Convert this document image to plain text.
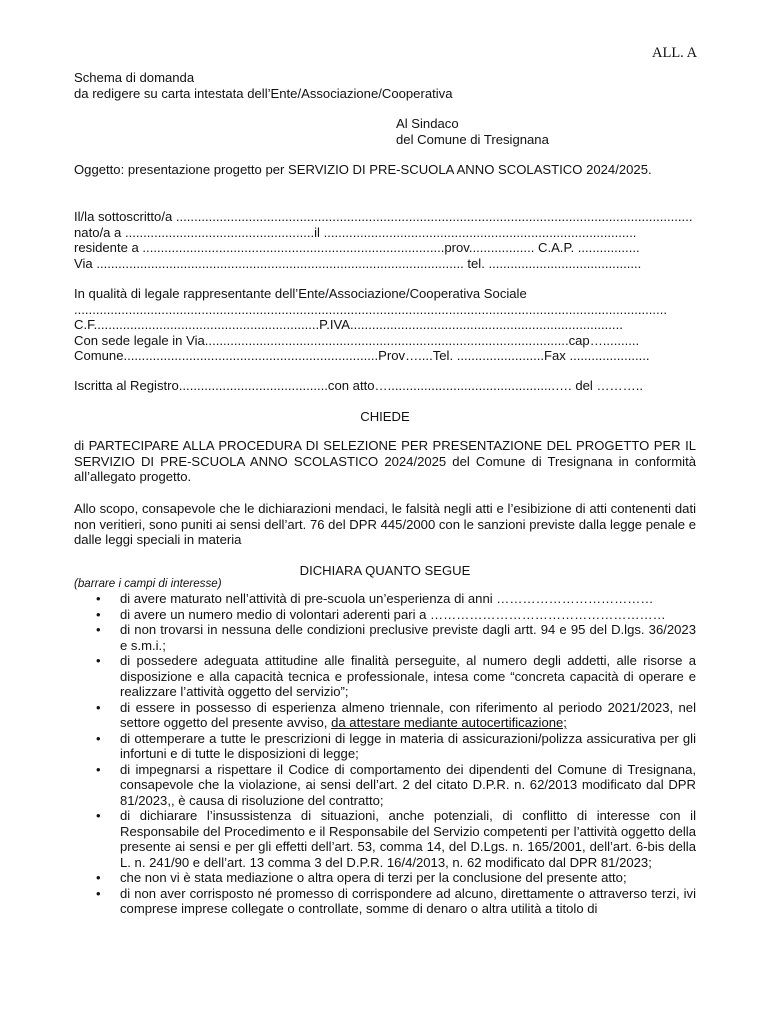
ALL. A
Schema di domanda
da redigere su carta intestata dell’Ente/Associazione/Cooperativa
Al Sindaco
del Comune di Tresignana
Oggetto: presentazione progetto per SERVIZIO DI PRE-SCUOLA ANNO SCOLASTICO 2024/2025.
Il/la sottoscritto/a ..............................................................................................................................................
nato/a a ....................................................il ......................................................................................
residente a ...................................................................................prov.................. C.A.P. .................
Via ..................................................................................................... tel. ..........................................
In qualità di legale rappresentante dell’Ente/Associazione/Cooperativa Sociale
...................................................................................................................................................................
C.F..............................................................P.IVA...........................................................................
Con sede legale in Via....................................................................................................cap…..........
Comune......................................................................Prov…....Tel. ........................Fax ......................
Iscritta al Registro.........................................con atto…..............................................…. del ………..
CHIEDE
di PARTECIPARE ALLA PROCEDURA DI SELEZIONE PER PRESENTAZIONE DEL PROGETTO PER IL SERVIZIO DI PRE-SCUOLA ANNO SCOLASTICO 2024/2025 del Comune di Tresignana in conformità all’allegato progetto.
Allo scopo, consapevole che le dichiarazioni mendaci, le falsità negli atti e l’esibizione di atti contenenti dati non veritieri, sono puniti ai sensi dell’art. 76 del DPR 445/2000 con le sanzioni previste dalla legge penale e dalle leggi speciali in materia
DICHIARA QUANTO SEGUE
(barrare i campi di interesse)
•	di avere maturato nell’attività di pre-scuola un’esperienza di anni ………………………………
•	di avere un numero medio di volontari aderenti pari a ………………………………………………
•	di non trovarsi in nessuna delle condizioni preclusive previste dagli artt. 94 e 95 del D.lgs. 36/2023 e s.m.i.;
•	di possedere adeguata attitudine alle finalità perseguite, al numero degli addetti, alle risorse a disposizione e alla capacità tecnica e professionale, intesa come “concreta capacità di operare e realizzare l’attività oggetto del servizio”;
•	di essere in possesso di esperienza almeno triennale, con riferimento al periodo 2021/2023, nel settore oggetto del presente avviso, da attestare mediante autocertificazione;
•	di ottemperare a tutte le prescrizioni di legge in materia di assicurazioni/polizza assicurativa per gli infortuni e di tutte le disposizioni di legge;
•	di impegnarsi a rispettare il Codice di comportamento dei dipendenti del Comune di Tresignana, consapevole che la violazione, ai sensi dell’art. 2 del citato D.P.R. n. 62/2013 modificato dal DPR 81/2023,, è causa di risoluzione del contratto;
•	di dichiarare l’insussistenza di situazioni, anche potenziali, di conflitto di interesse con il Responsabile del Procedimento e il Responsabile del Servizio competenti per l’attività oggetto della presente ai sensi e per gli effetti dell’art. 53, comma 14, del D.Lgs. n. 165/2001, dell’art. 6-bis della L. n. 241/90 e dell’art. 13 comma 3 del D.P.R. 16/4/2013, n. 62 modificato dal DPR 81/2023;
•	che non vi è stata mediazione o altra opera di terzi per la conclusione del presente atto;
•	di non aver corrisposto né promesso di corrispondere ad alcuno, direttamente o attraverso terzi, ivi comprese imprese collegate o controllate, somme di denaro o altra utilità a titolo di
